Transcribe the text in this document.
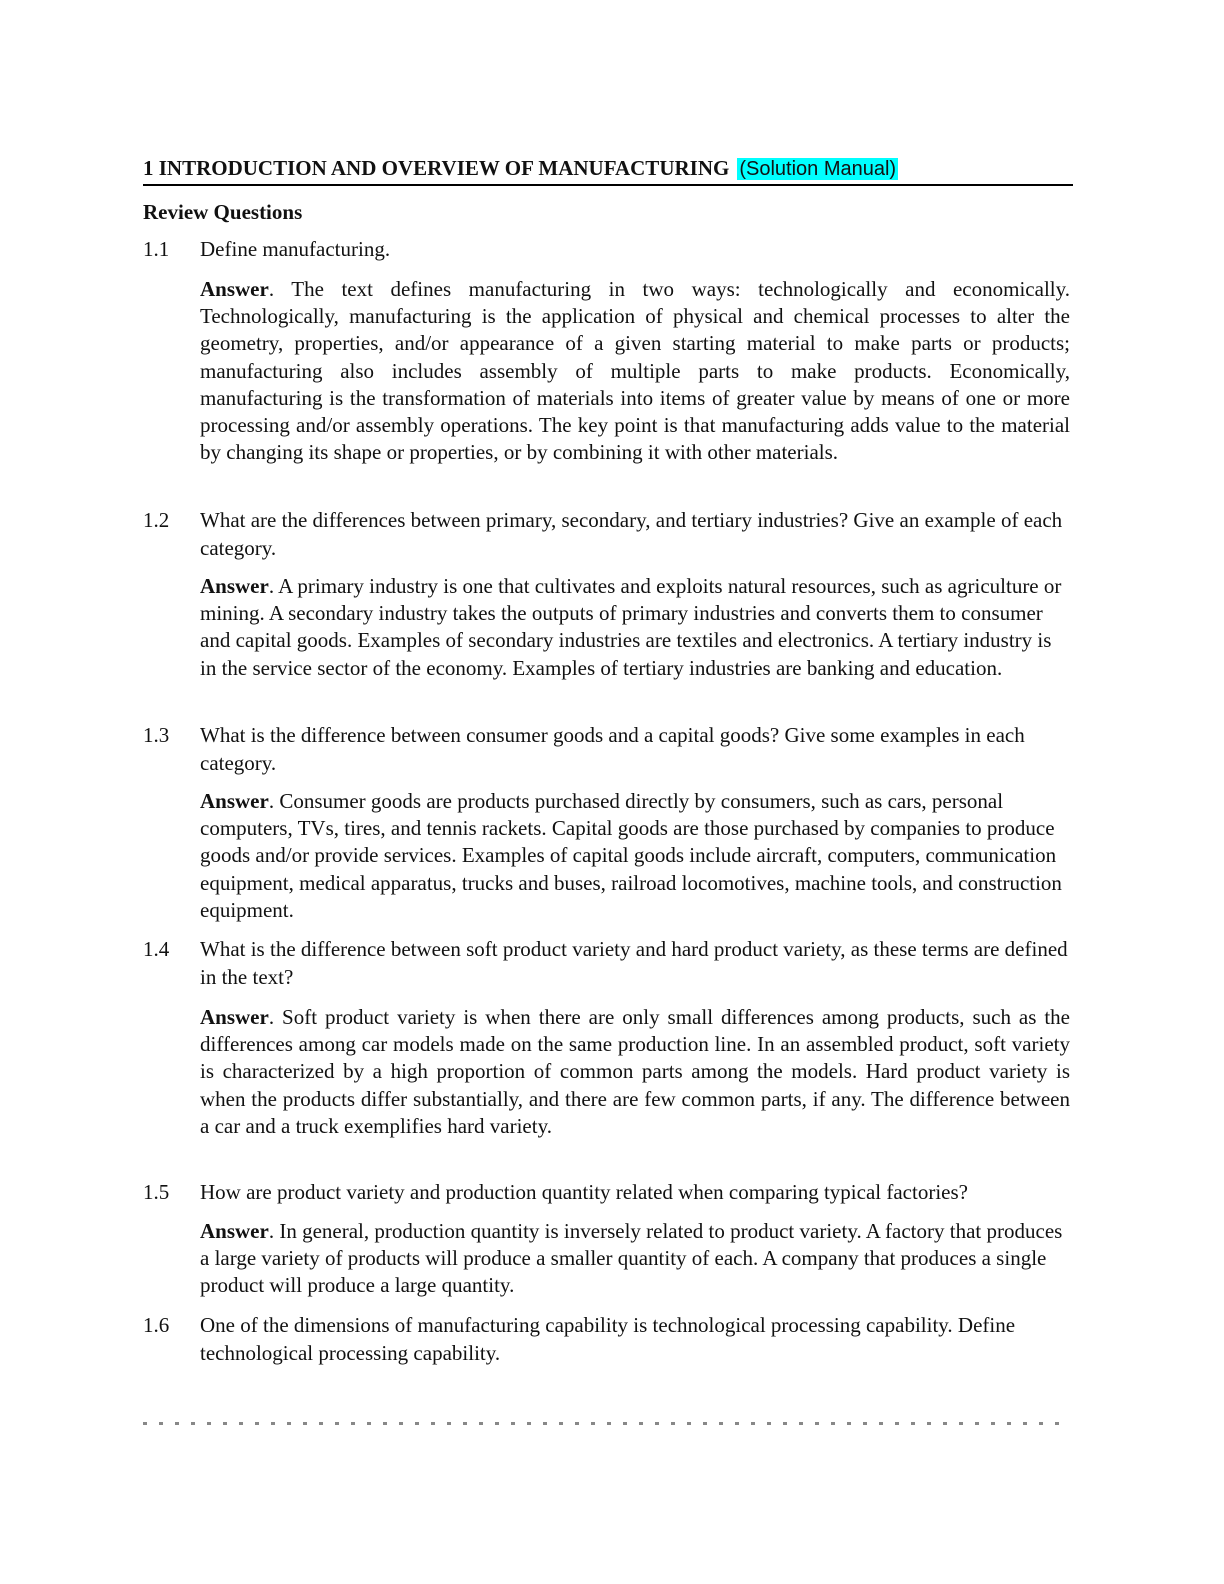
1 INTRODUCTION AND OVERVIEW OF MANUFACTURING (Solution Manual)
Review Questions
1.1	Define manufacturing.
Answer. The text defines manufacturing in two ways: technologically and economically. Technologically, manufacturing is the application of physical and chemical processes to alter the geometry, properties, and/or appearance of a given starting material to make parts or products; manufacturing also includes assembly of multiple parts to make products. Economically, manufacturing is the transformation of materials into items of greater value by means of one or more processing and/or assembly operations. The key point is that manufacturing adds value to the material by changing its shape or properties, or by combining it with other materials.
1.2	What are the differences between primary, secondary, and tertiary industries? Give an example of each category.
Answer. A primary industry is one that cultivates and exploits natural resources, such as agriculture or mining. A secondary industry takes the outputs of primary industries and converts them to consumer and capital goods. Examples of secondary industries are textiles and electronics. A tertiary industry is in the service sector of the economy. Examples of tertiary industries are banking and education.
1.3	What is the difference between consumer goods and a capital goods? Give some examples in each category.
Answer. Consumer goods are products purchased directly by consumers, such as cars, personal computers, TVs, tires, and tennis rackets. Capital goods are those purchased by companies to produce goods and/or provide services. Examples of capital goods include aircraft, computers, communication equipment, medical apparatus, trucks and buses, railroad locomotives, machine tools, and construction equipment.
1.4	What is the difference between soft product variety and hard product variety, as these terms are defined in the text?
Answer. Soft product variety is when there are only small differences among products, such as the differences among car models made on the same production line. In an assembled product, soft variety is characterized by a high proportion of common parts among the models. Hard product variety is when the products differ substantially, and there are few common parts, if any. The difference between a car and a truck exemplifies hard variety.
1.5	How are product variety and production quantity related when comparing typical factories?
Answer. In general, production quantity is inversely related to product variety. A factory that produces a large variety of products will produce a smaller quantity of each. A company that produces a single product will produce a large quantity.
1.6	One of the dimensions of manufacturing capability is technological processing capability. Define technological processing capability.
